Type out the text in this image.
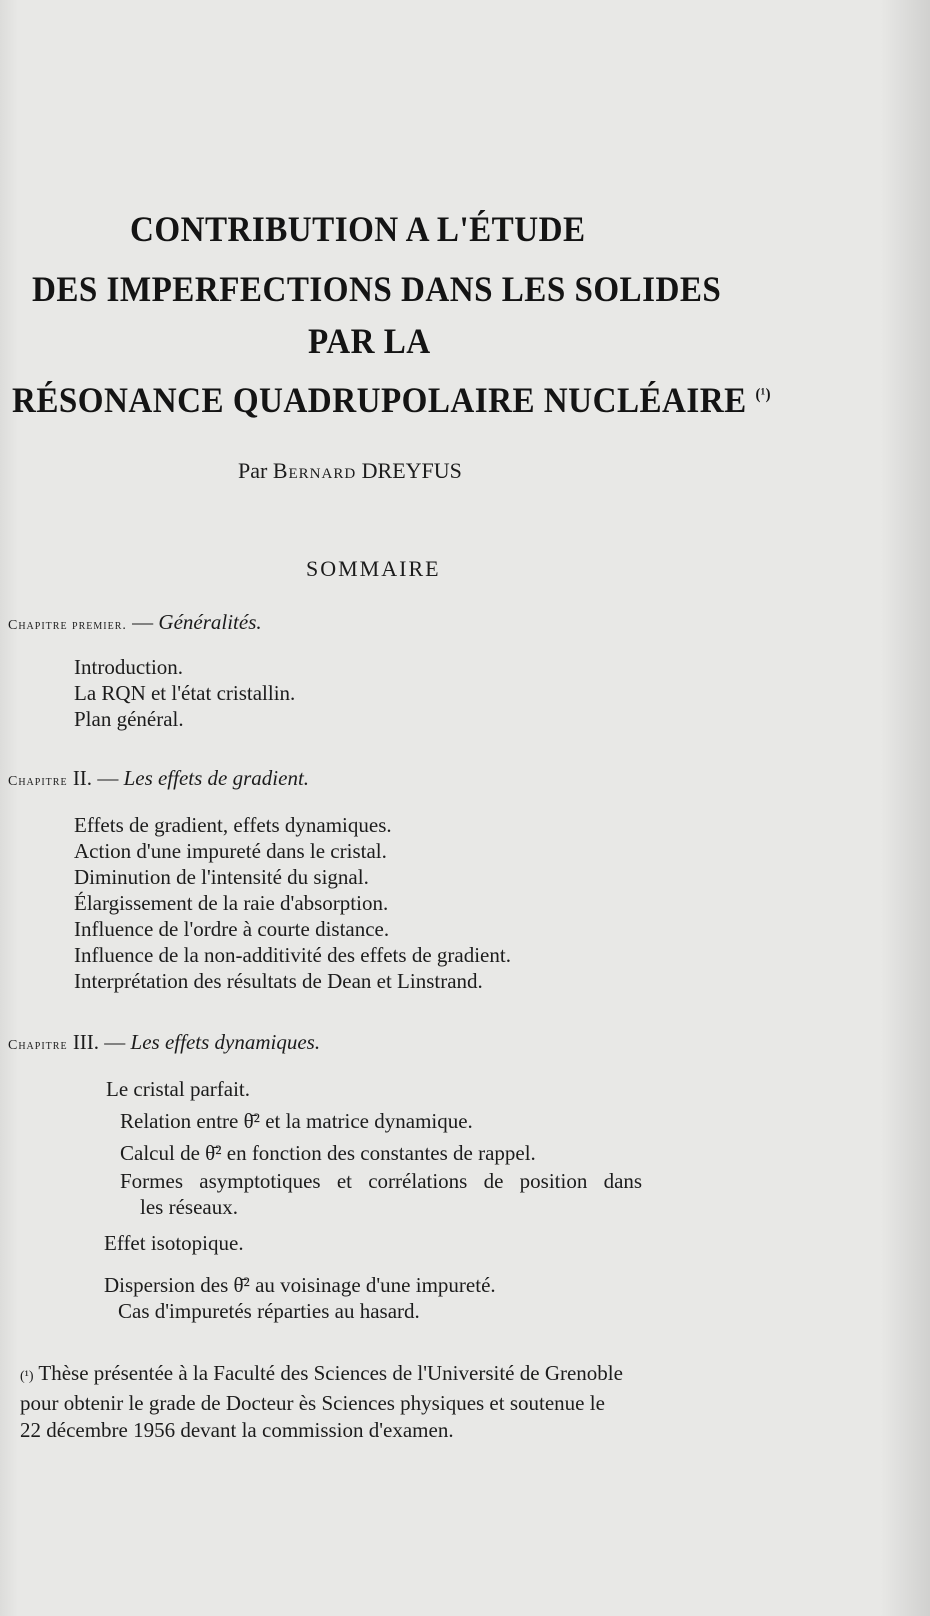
CONTRIBUTION A L'ÉTUDE
DES IMPERFECTIONS DANS LES SOLIDES
PAR LA
RÉSONANCE QUADRUPOLAIRE NUCLÉAIRE $^{(^1)}$
Par Bernard DREYFUS
SOMMAIRE
Chapitre premier. — Généralités.
Introduction.
La RQN et l'état cristallin.
Plan général.
Chapitre II. — Les effets de gradient.
Effets de gradient, effets dynamiques.
Action d'une impureté dans le cristal.
Diminution de l'intensité du signal.
Élargissement de la raie d'absorption.
Influence de l'ordre à courte distance.
Influence de la non-additivité des effets de gradient.
Interprétation des résultats de Dean et Linstrand.
Chapitre III. — Les effets dynamiques.
Le cristal parfait.
Relation entre θ̄² et la matrice dynamique.
Calcul de θ̄² en fonction des constantes de rappel.
Formes asymptotiques et corrélations de position dans
les réseaux.
Effet isotopique.
Dispersion des θ̄² au voisinage d'une impureté.
Cas d'impuretés réparties au hasard.
(¹) Thèse présentée à la Faculté des Sciences de l'Université de Grenoble
pour obtenir le grade de Docteur ès Sciences physiques et soutenue le
22 décembre 1956 devant la commission d'examen.
